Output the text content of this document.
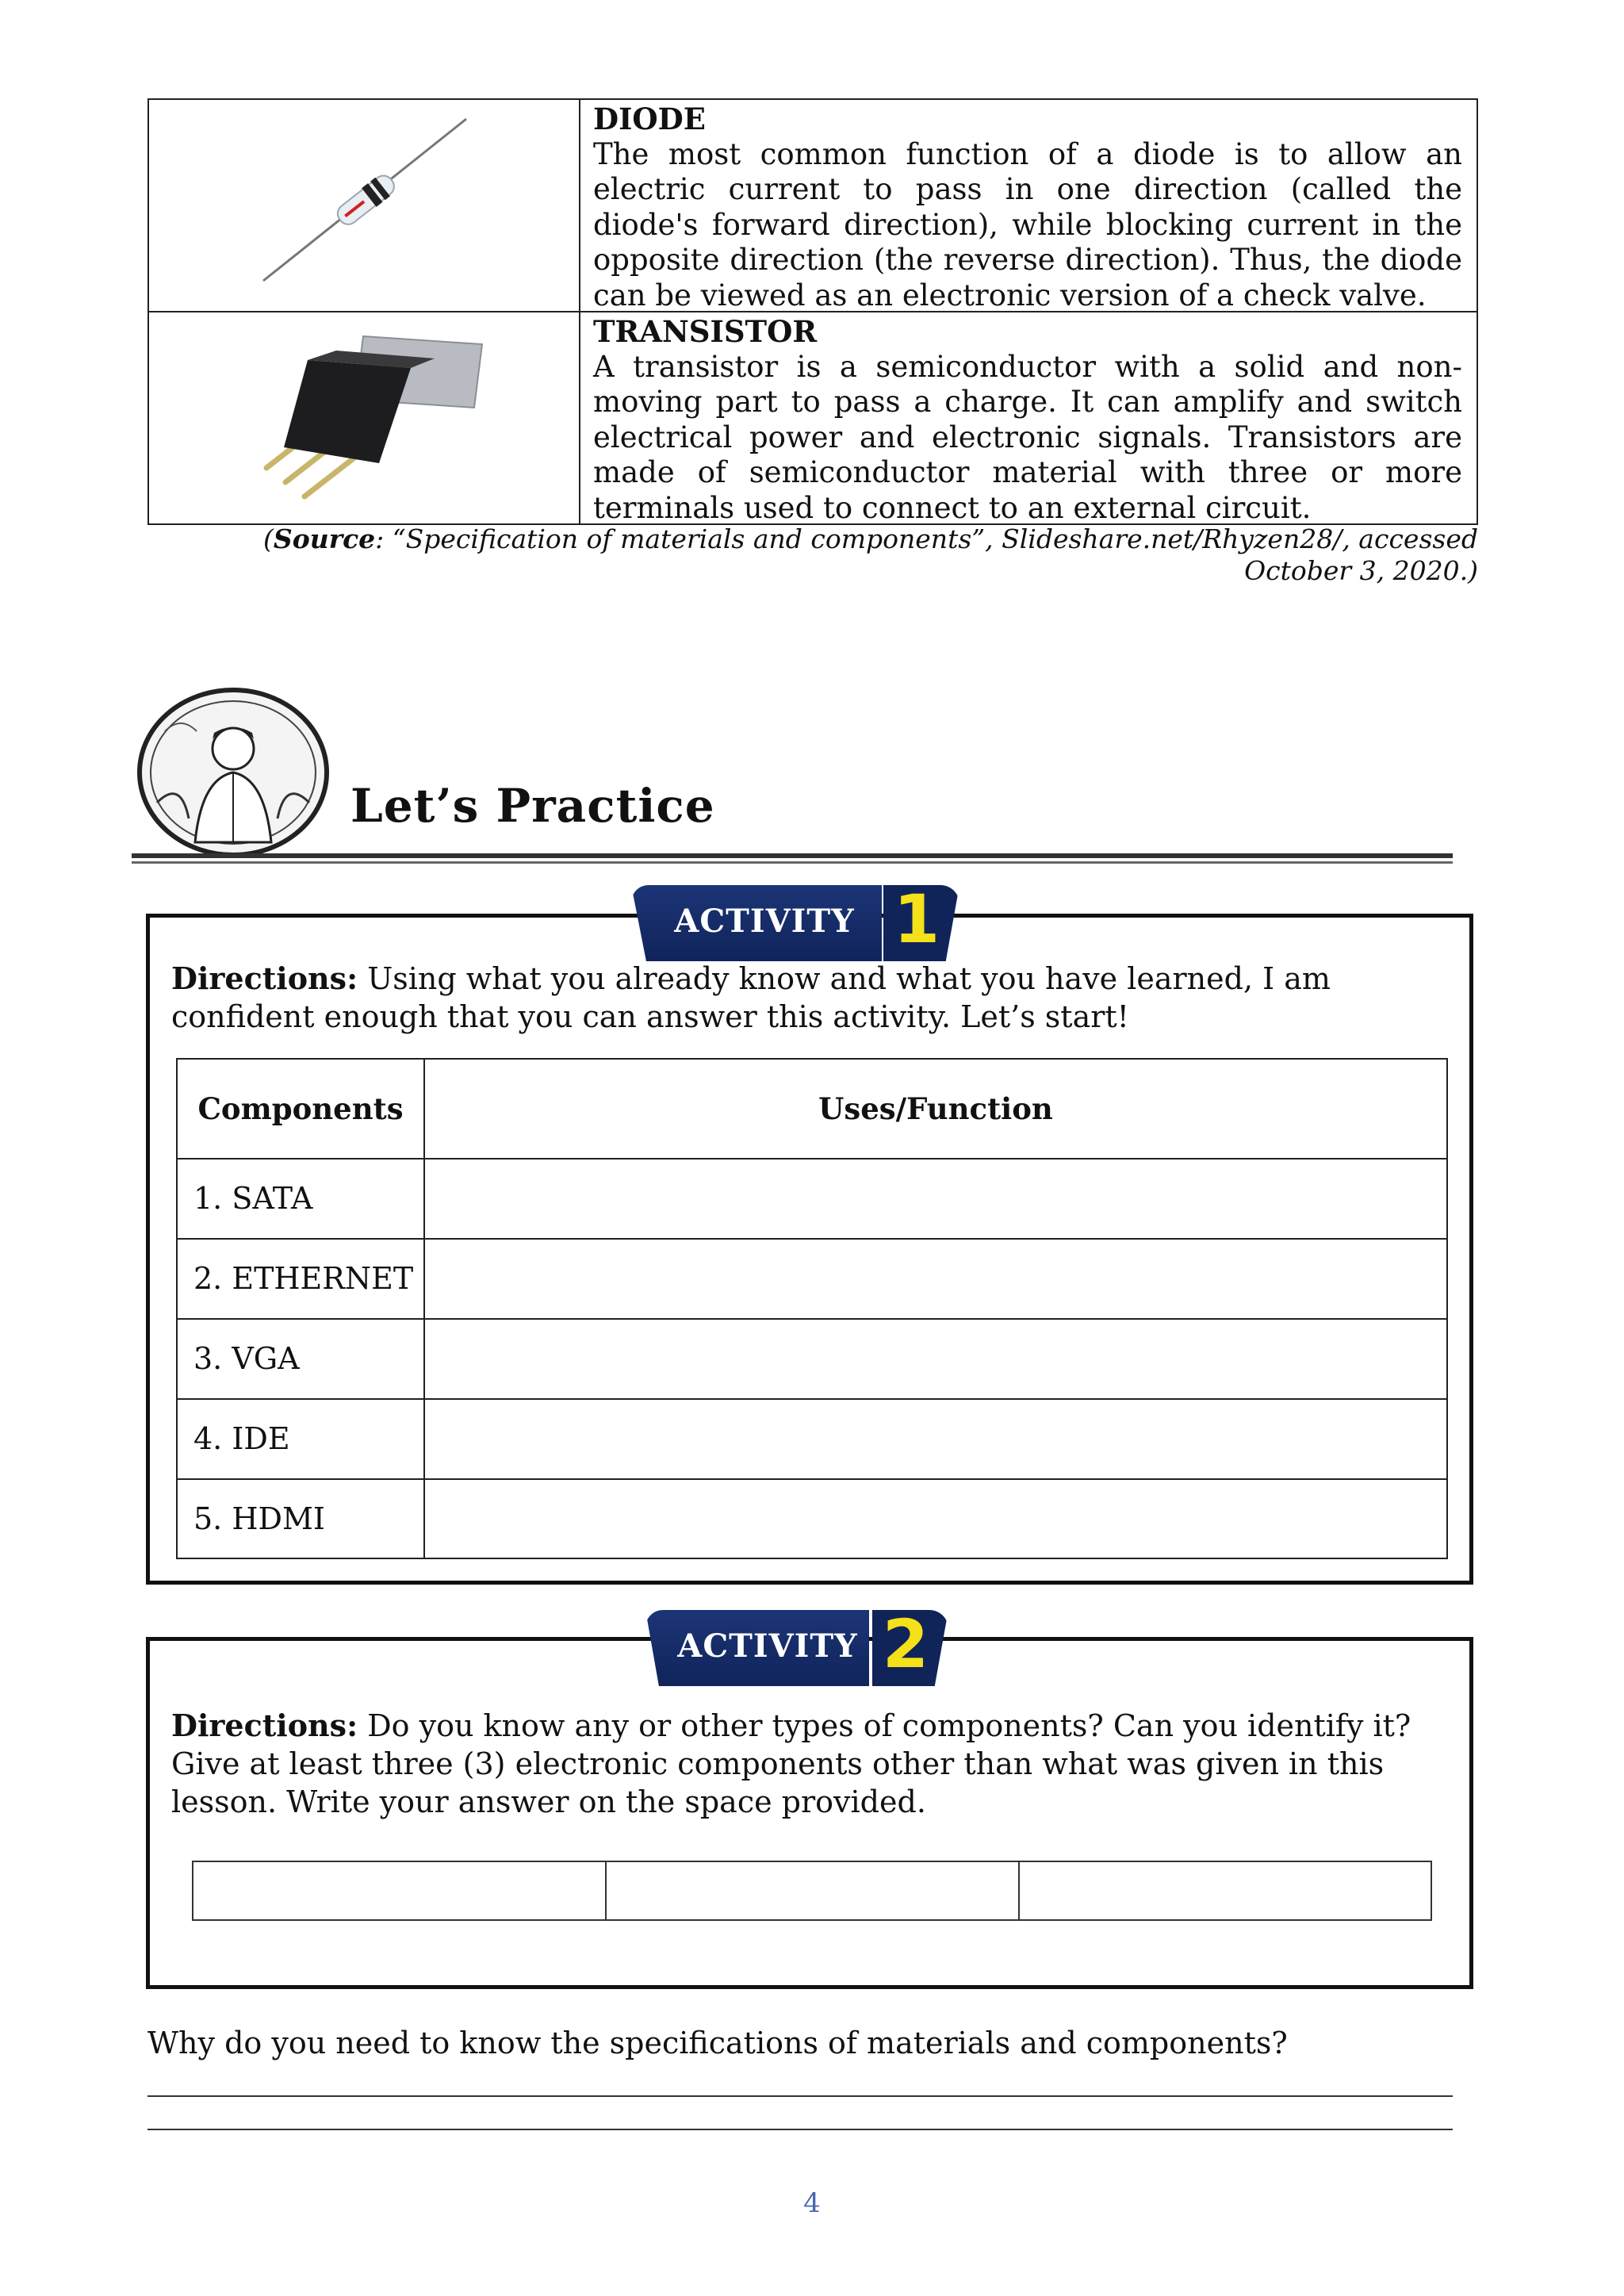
DIODE
The most common function of a diode is to allow an electric current to pass in one direction (called the diode's forward direction), while blocking current in the opposite direction (the reverse direction). Thus, the diode can be viewed as an electronic version of a check valve.
TRANSISTOR
A transistor is a semiconductor with a solid and non-moving part to pass a charge. It can amplify and switch electrical power and electronic signals. Transistors are made of semiconductor material with three or more terminals used to connect to an external circuit.
(Source: “Specification of materials and components”, Slideshare.net/Rhyzen28/, accessed October 3, 2020.)
Let’s Practice
ACTIVITY 1
Directions: Using what you already know and what you have learned, I am confident enough that you can answer this activity. Let’s start!
Components	Uses/Function
1. SATA
2. ETHERNET
3. VGA
4. IDE
5. HDMI
ACTIVITY 2
Directions: Do you know any or other types of components? Can you identify it? Give at least three (3) electronic components other than what was given in this lesson. Write your answer on the space provided.
Why do you need to know the specifications of materials and components?
4
